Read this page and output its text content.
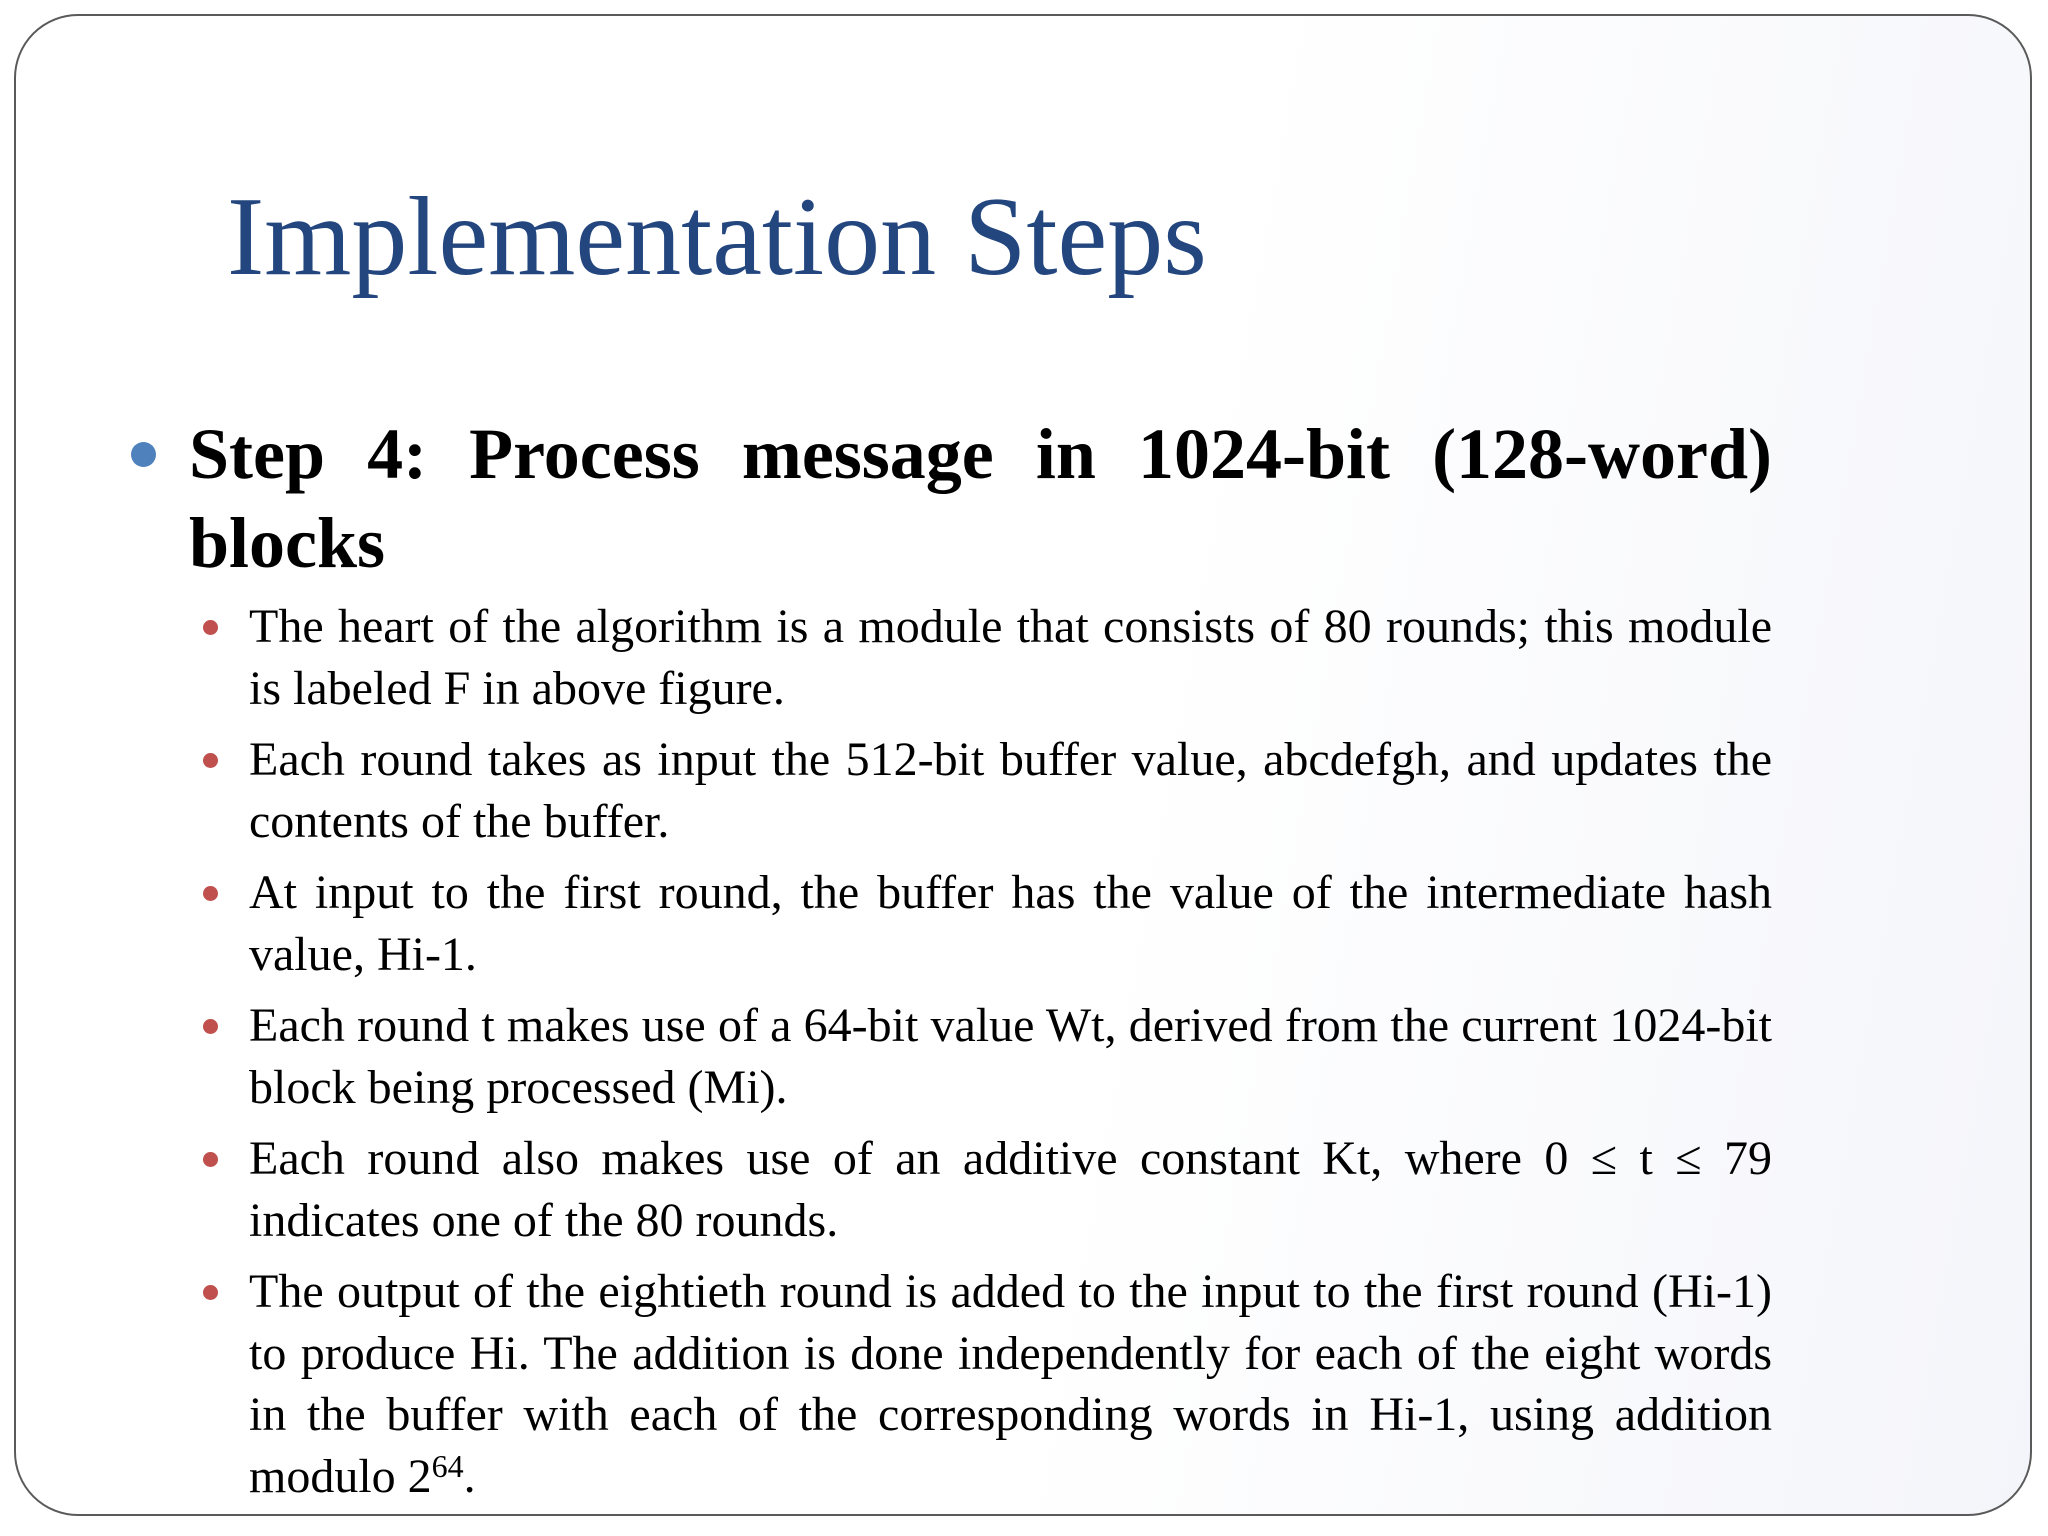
Implementation Steps

Step 4: Process message in 1024-bit (128-word) blocks

The heart of the algorithm is a module that consists of 80 rounds; this module is labeled F in above figure.
Each round takes as input the 512-bit buffer value, abcdefgh, and updates the contents of the buffer.
At input to the first round, the buffer has the value of the intermediate hash value, Hi-1.
Each round t makes use of a 64-bit value Wt, derived from the current 1024-bit block being processed (Mi).
Each round also makes use of an additive constant Kt, where 0 ≤ t ≤ 79 indicates one of the 80 rounds.
The output of the eightieth round is added to the input to the first round (Hi-1) to produce Hi. The addition is done independently for each of the eight words in the buffer with each of the corresponding words in Hi-1, using addition modulo $2^{64}$.
